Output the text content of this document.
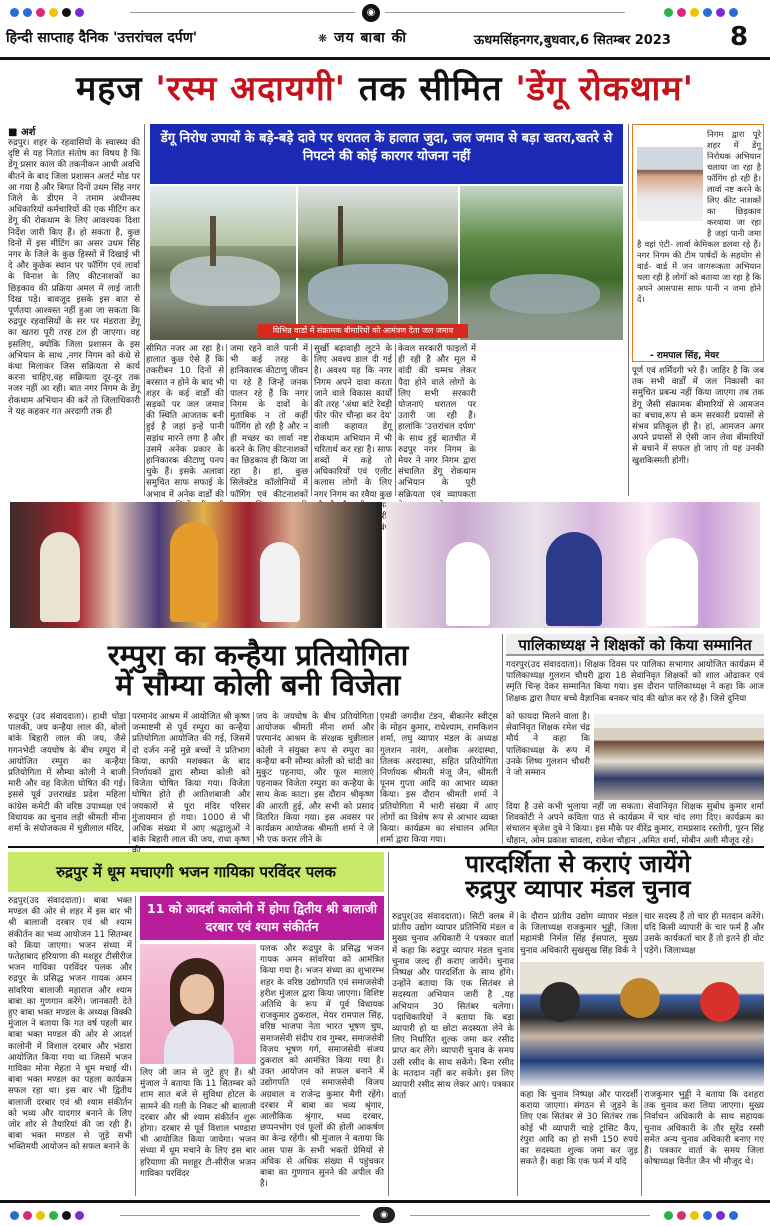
◉
हिन्दी साप्ताह दैनिक 'उत्तरांचल दर्पण'	❋ जय बाबा की	ऊधमसिंहनगर,बुधवार,6 सितम्बर 2023 8
महज 'रस्म अदायगी' तक सीमित 'डेंगू रोकथाम'
■ अर्श
रुद्रपुर। शहर के रहवासियों के स्वास्थ्य की दृष्टि से यह नितांत संतोष का विषय है कि डेंगू प्रसार काल की तकनीकन आधी अवधि बीतने के बाद जिला प्रशासन अलर्ट मोड पर आ गया है और बिगत दिनों उधम सिंह नगर जिले के डीएम ने तमाम अधीनस्थ अधिकारियों कर्मचारियों की एक मीटिंग कर डेंगू की रोकथाम के लिए आवश्यक दिशा निर्देश जारी किए हैं। हो सकता है, कुछ दिनों में इस मीटिंग का असर उधम सिंह नगर के जिले के कुछ हिस्सों में दिखाई भी दे और कुछेक स्थान पर फॉगिंग एवं लार्वा के विनाश के लिए कीटनाशकों का छिड़काव की प्रक्रिया अमल में लाई जाती दिख पड़े। बावजूद इसके इस बात से पूर्णतया आश्वस्त नहीं हुआ जा सकता कि रुद्रपुर रहवासियों के सर पर मंडराता डेंगू का खतरा पूरी तरह टल ही जाएगा। वह इसलिए, क्योंकि जिला प्रशासन के इस अभियान के साथ ,नगर निगम को कंधे से कंधा मिलाकर जिस सक्रियता से कार्य करना चाहिए,वह सक्रियता दूर-दूर तक नजर नहीं आ रही। बात नगर निगम के डेंगू रोकथाम अभियान की करें तो जिलाधिकारी ने यह कहकर गत अरदागी तक ही
डेंगू निरोध उपायों के बड़े-बड़े दावे पर धरातल के हालात जुदा, जल जमाव से बड़ा खतरा,खतरे से निपटने की कोई कारगर योजना नहीं
विभिन्न वार्डो में संक्रामक बीमारियों को आमंत्रण देता जल जमाव
सीमित नजर आ रहा है। हालात कुछ ऐसे हैं कि तकरीबन 10 दिनों से बरसात न होने के बाद भी शहर के कई वार्डों की सड़कों पर जल जमाव की स्थिति आजतक बनी हुई है जहां इन्हें पानी सड़ांध मारने लगा है और उसमें अनेक प्रकार के हानिकारक कीटाणु पनप चुके हैं। इसके अलावा समुचित साफ सफाई के अभाव में अनेक वार्डों की
जमा रहने वाले पानी में भी कई तरह के हानिकारक कीटाणु जीवन पा रहे हैं जिन्हें जनक पालन रहे हैं कि नगर निगम के दावों के मुताबिक न तो कहीं फॉगिंग हो रही है और न ही मच्छर का लार्वा नष्ट करने के लिए कीटनाशकों का छिड़काव ही किया जा रहा है। हां, कुछ सिलेक्टेड कॉलोनियों में फॉगिंग एवं कीटनाशकों
सुर्खी बढ़ावाही लूटने के लिए अवश्य डाल दी गई है। अवश्य यह कि नगर निगम अपने दावा करता जाने वाले विकास कार्यों की तरह 'अंधा बांटे रेवड़ी फीर फीर चौन्हा कर देय' वाली कहावत डेंगू रोकथाम अभियान में भी चरितार्थ कर रहा है। साफ शब्दों में कहे तो अधिकारियों एवं एलीट कलास लोगों के लिए नगर निगम का रवैया कुछ जनता गरीब संबंधी
केवल सरकारी फाइलों में ही रही है और मूल में वांदी की चम्मच लेकर पैदा होने वाले लोगों के लिए सभी सरकारी योजनाएं धरातल पर उतारी जा रही हैं। हालांकि 'उत्तरांचल दर्पण' के साथ हुई बातचीत में रुद्रपुर नगर निगम के मेयर ने नगर निगम द्वारा संचालित डेंगू रोकथाम अभियान के पूरी सक्रियता एवं व्यापकता
निगम द्वारा पूरे शहर में डेंगू निरोधक अभियान चलाया जा रहा है फॉगिंग हो रही है। लार्वा नष्ट करने के लिए कीट नाशकों का छिड़काव करवाया जा रहा है जहां पानी जमा है वहां एंटी- लार्वा केमिकल डलवा रहे हैं। नगर निगम की टीम पार्षदों के सहयोग से वार्ड- वार्ड में जन जागरूकता अभियान चला रही है लोगों को बताया जा रहा है कि अपने आसपास साफ पानी न जमा होने दें।
- रामपाल सिंह, मेयर
पूर्ण एवं शर्मिंदगी भरे हैं। जाहिर है कि जब तक सभी वार्डों में जल निकासी का समुचित प्रबन्ध नहीं किया जाएगा तब तक डेंगू जैसी संक्रामक बीमारियों से आमजन का बचाव,रूप से कम सरकारी प्रयासों से संभव प्रतिकूल ही है। हां, आमजन अगर अपने प्रयासों से ऐसी जान लेवा बीमारियों से बचाने में सफल हो जाए तो यह उनकी खुशकिस्मती होगी।
रम्पुरा का कन्हैया प्रतियोगिता
में सौम्या कोली बनी विजेता
रूद्रपुर (उद संवाददाता)। हाथी घोड़ा पालकी, जय कन्हैया लाल की, बोलो बांके बिहारी लाल की जय, जैसे गगनभेदी जयघोष के बीच रम्पुरा में आयोजित रम्पुरा का कन्हैया प्रतियोगिता में सौम्या कोली ने बाजी मारी और वह विजेता घोषित की गई। इससे पूर्व उत्तराखंड प्रदेश महिला कांग्रेस कमेटी की वरिष्ठ उपाध्यक्ष एवं विधायक का चुनाव लड़ी श्रीमती मीना शर्मा के संयोजकत्व में चुन्नीलाल मंदिर,
परमानंद आश्रम में आयोजित श्री कृष्ण जन्माष्टमी से पूर्व रम्पुरा का कन्हैया प्रतियोगिता आयोजित की गई, जिसमें दो दर्जन नन्हें मुन्ने बच्चों ने प्रतिभाग किया, काफी मशक्कत के बाद निर्णायकों द्वारा सौम्या कोली को विजेता घोषित किया गया। विजेता घोषित होते ही आतिशबाजी और जयकारों से पूरा मंदिर परिसर गुंजायमान हो गया। 1000 से भी अधिक संख्या में आए श्रद्धालुओं ने बांके बिहारी लाल की जय, राधा कृष्ण
जय के जयघोष के बीच प्रतियोगिता आयोजक श्रीमती मीना शर्मा और परमानंद आश्रम के संरक्षक चुन्नीलाल कोली ने संयुक्त रूप से रम्पुरा का कन्हैया बनी सौम्या कोली को चांदी का मुकुट पहनाया, और फूल मालाएं पहनाकर विजेता रम्पुरा का कन्हैया के साथ केक काटा। इस दौरान श्रीकृष्ण की आरती हुई, और सभी को प्रसाद वितरित किया गया। इस अवसर पर कार्यक्रम आयोजक श्रीमती शर्मा ने जे भी एक करार लीने के
एमडी जगदीश टंडन, बीकानेर स्वीट्स के मोहन कुमार, राधेश्याम, रामकिशन शर्मा, लघु व्यापार मंडल के अध्यक्ष गुलशन नारंग, अशोक अरदास्था, तिलक अरदास्था, सहित प्रतियोगिता निर्णायक श्रीमती मंजू जैन, श्रीमती पूनम गुप्ता आदि का आभार व्यक्त किया। इस दौरान श्रीमती शर्मा ने प्रतियोगिता में भारी संख्या में आए लोगों का विशेष रूप से आभार व्यक्त किया। कार्यक्रम का संचालन अमित शर्मा द्वारा किया गया।
पालिकाध्यक्ष ने शिक्षकों को किया सम्मानित
गदरपुर(उद संवाददाता)। शिक्षक दिवस पर पालिका सभागार आयोजित कार्यक्रम में पालिकाध्यक्ष गुलशन चौधरी द्वारा 18 सेवानिवृत शिक्षकों को शाल ओढाकर एवं स्मृति चिन्ह देकर सम्मानित किया गया। इस दौरान पालिकाध्यक्ष ने कहा कि आज शिक्षक द्वारा तैयार बच्चे वैज्ञानिक बनकर चांद की खोज कर रहे हैं। जिसे दुनिया
को फायदा मिलने वाला है। सेवानिवृत शिक्षक रमेश चंद्र मौर्य ने कहा कि पालिकाध्यक्ष के रूप में उनके शिष्य गुलशन चौधरी ने जो सम्मान
दिया है उसे कभी भुलाया नहीं जा सकता। सेवानिवृत शिक्षक सुबोध कुमार शर्मा शिवकोटी ने अपने कविता पाठ से कार्यक्रम में चार चांद लगा दिए। कार्यक्रम का संचालन बृजेश दुबे ने किया। इस मौके पर वीरेंद्र कुमार, रामप्रसाद रस्तोगी, पूरन सिंह चौहान, ओम प्रकाश चावला, राकेश चौहान ,अमित शर्मा, मोबीन अली मौजूद रहे।
रुद्रपुर में धूम मचाएगी भजन गायिका परविंदर पलक
रुद्रपुर(उद संवाददाता)। बाबा भक्त मण्डल की ओर से शहर में इस बार भी श्री बालाजी दरबार एवं श्री श्याम संकीर्तन का भव्य आयोजन 11 सितम्बर को किया जाएगा। भजन संध्या में फतेहाबाद हरियाणा की मशहूर टीसीरीज भजन गायिका परविंदर पलक और रुद्रपुर के प्रसिद्ध भजन गायक अमन सांवरिया बालाजी महाराज और श्याम बाबा का गुणगान करेंगे। जानकारी देते हुए बाबा भक्त मण्डल के अध्यक्ष विक्की मुंजाल ने बताया कि गत वर्ष पहली बार बाबा भक्त मण्डल की ओर से आदर्श कालोनी में विशाल दरबार और भंडारा आयोजित किया गया था जिसमें भजन गायिका मोना मेहता ने धूम मचाई थी। बाबा भक्त मण्डल का पहला कार्यक्रम सफल रहा था। इस बार भी द्वितीय बालाजी दरबार एवं श्री श्याम संकीर्तन को भव्य और यादगार बनाने के लिए जोर शोर से तैयारियां की जा रही हैं। बाबा भक्त मण्डल से जुड़े सभी भक्तिमयी आयोजन को सफल बनाने के
11 को आदर्श कालोनी में होगा द्वितीय श्री बालाजी दरबार एवं श्याम संकीर्तन
लिए जी जान से जुटे हुए हैं। श्री मुंजाल ने बताया कि 11 सितम्बर को शाम सात बजे से सुविधा होटल के सामने की गली के निकट श्री बालाजी दरबार और श्री श्याम संकीर्तन शुरू होगा। दरबार से पूर्व विशाल भण्डारा भी आयोजित किया जायेगा। भजन संध्या में धूम मचाने के लिए इस बार हरियाणा की मशहूर टी-सीरीज भजन गायिका परविंदर
पलक और रूद्रपुर के प्रसिद्ध भजन गायक अमन सांवरिया को आमंत्रित किया गया है। भजन संध्या का शुभारम्भ शहर के वरिष्ठ उद्योगपति एवं समाजसेवी हरीश मुंजाल द्वारा किया जाएगा। विशिष्ट अतिथि के रूप में पूर्व विधायक राजकुमार ठुकराल, मेयर रामपाल सिंह, वरिष्ठ भाजपा नेता भारत भूषण चुघ, समाजसेवी संदीप राव गुम्बर, समाजसेवी विजय भूषण गर्ग, समाजसेवी संजय ठुकराल को आमंत्रित किया गया है। उक्त आयोजन को सफल बनाने में उद्योगपति एवं समाजसेवी विजय अग्रवाल व राजेन्द्र कुमार मैगी रहेंगे। दरबार में बाबा का भव्य श्रृंगार, आलौकिक श्रृंगार, भव्य दरबार, छप्पनभोग एवं फूलों की होली आकर्षण का केन्द्र रहेंगी। श्री मुंजाल ने बताया कि आस पास के सभी भक्तों प्रेमियों से अधिक से अधिक संख्या में पहुंचकर बाबा का गुणगान सुनने की अपील की है।
पारदर्शिता से कराएं जायेंगे
रुद्रपुर व्यापार मंडल चुनाव
रुद्रपुर(उद संवाददाता)। सिटी क्लब में प्रांतीय उद्योग व्यापार प्रतिनिधि मंडल व मुख्य चुनाव अधिकारी ने पत्रकार वार्ता में कहा कि रुद्रपुर व्यापार मंडल चुनाव चुनाव जल्द ही कराए जायेंगे। चुनाव निष्पक्ष और पारदर्शिता के साथ होंगे। उन्होंने बताया कि एक सितंबर से सदस्यता अभियान जारी है ,यह अभियान 30 सितंबर चलेगा। पदाधिकारियों ने बताया कि बड़ा व्यापारी हो या छोटा सदस्यता लेने के लिए निर्धारित शुल्क जमा कर रसीद प्राप्त कर लेंगे। व्यापारी चुनाव के समय उसी रसीद के साथ सकेंगे। बिना रसीद के मतदान नहीं कर सकेंगे। इस लिए व्यापारी रसीद साथ लेकर आएं। पत्रकार वार्ता
के दौरान प्रांतीय उद्योग व्यापार मंडल के जिलाध्यक्ष राजकुमार भुड्डी, जिला महामंत्री निर्मल सिंह ईसपाल, मुख्य चुनाव अधिकारी सुखसुख सिंह विर्क ने
चार सदस्य हैं तो चार ही मतदान करेंगे। यदि किसी व्यापारी के चार फर्म हैं और उसके कार्यकर्ता चार हैं तो इतने ही वोट पड़ेंगे। जिलाध्यक्ष
कहा कि चुनाव निष्पक्ष और पारदर्शी कराया जाएगा। संगठन से जुड़ने के लिए एक सितंबर से 30 सितंबर तक कोई भी व्यापारी चाहे ट्रांसिट कैंप, रंपुरा आदि का हो सभी 150 रुपये का सदस्यता शुल्क जमा कर जुड़ सकते हैं। कहा कि एक फर्म में यदि
राजकुमार भुड्डी ने बताया कि दशहरा तक चुनाव करा लिया जाएगा। मुख्य निर्वाचन अधिकारी के साथ सहायक चुनाव अधिकारी के तौर सुरेंद्र रस्सी समेत अन्य चुनाव अधिकारी बनाए गए हैं। पत्रकार वार्ता के समय जिला कोषाध्यक्ष विनीत जैन भी मौजूद थे।
◉
